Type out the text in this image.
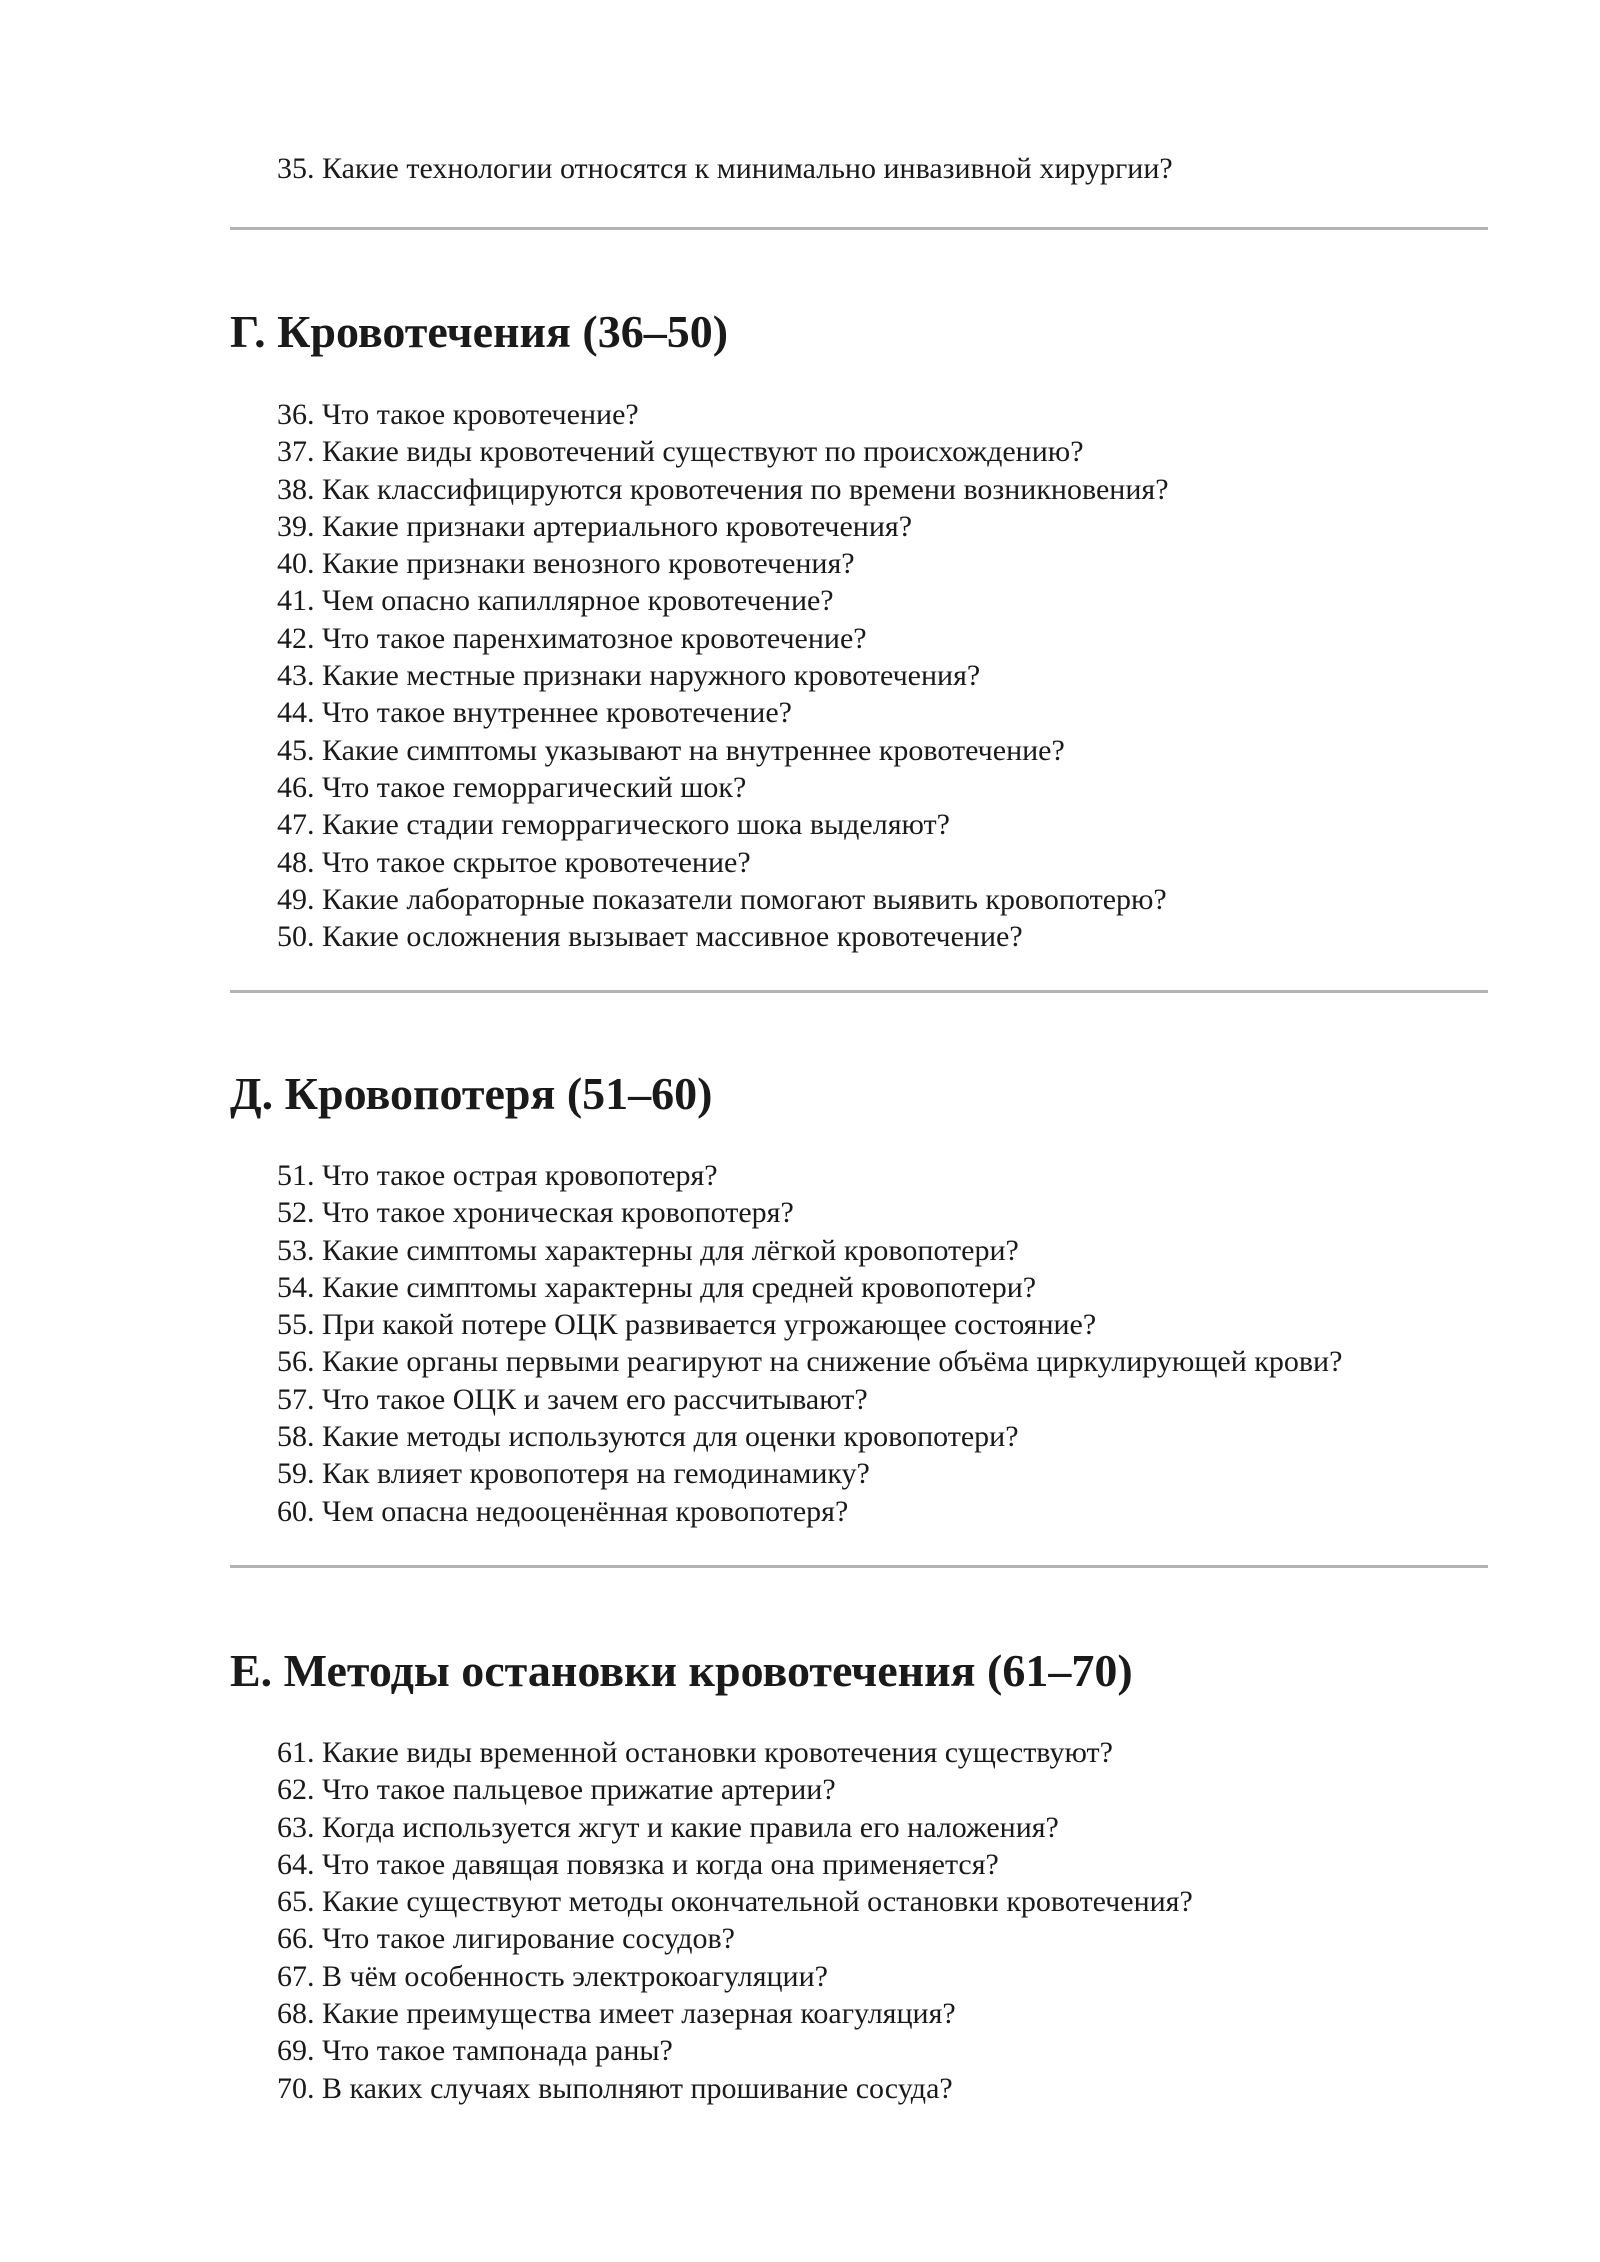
35. Какие технологии относятся к минимально инвазивной хирургии?
Г. Кровотечения (36–50)
36. Что такое кровотечение?
37. Какие виды кровотечений существуют по происхождению?
38. Как классифицируются кровотечения по времени возникновения?
39. Какие признаки артериального кровотечения?
40. Какие признаки венозного кровотечения?
41. Чем опасно капиллярное кровотечение?
42. Что такое паренхиматозное кровотечение?
43. Какие местные признаки наружного кровотечения?
44. Что такое внутреннее кровотечение?
45. Какие симптомы указывают на внутреннее кровотечение?
46. Что такое геморрагический шок?
47. Какие стадии геморрагического шока выделяют?
48. Что такое скрытое кровотечение?
49. Какие лабораторные показатели помогают выявить кровопотерю?
50. Какие осложнения вызывает массивное кровотечение?
Д. Кровопотеря (51–60)
51. Что такое острая кровопотеря?
52. Что такое хроническая кровопотеря?
53. Какие симптомы характерны для лёгкой кровопотери?
54. Какие симптомы характерны для средней кровопотери?
55. При какой потере ОЦК развивается угрожающее состояние?
56. Какие органы первыми реагируют на снижение объёма циркулирующей крови?
57. Что такое ОЦК и зачем его рассчитывают?
58. Какие методы используются для оценки кровопотери?
59. Как влияет кровопотеря на гемодинамику?
60. Чем опасна недооценённая кровопотеря?
Е. Методы остановки кровотечения (61–70)
61. Какие виды временной остановки кровотечения существуют?
62. Что такое пальцевое прижатие артерии?
63. Когда используется жгут и какие правила его наложения?
64. Что такое давящая повязка и когда она применяется?
65. Какие существуют методы окончательной остановки кровотечения?
66. Что такое лигирование сосудов?
67. В чём особенность электрокоагуляции?
68. Какие преимущества имеет лазерная коагуляция?
69. Что такое тампонада раны?
70. В каких случаях выполняют прошивание сосуда?
